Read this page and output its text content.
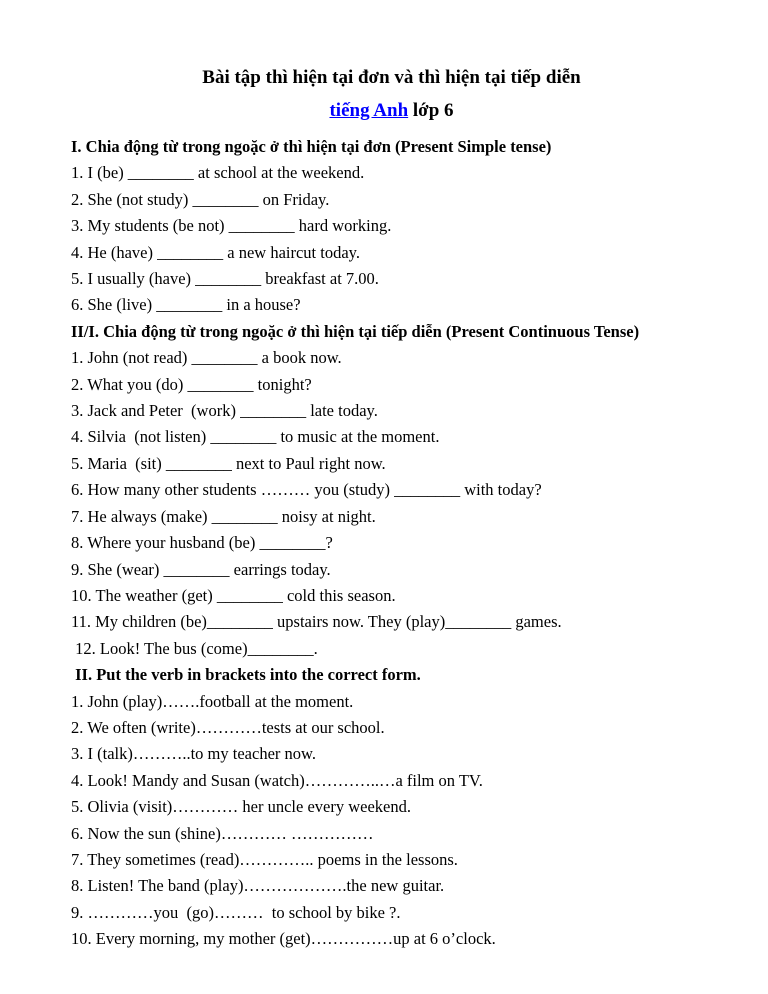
Bài tập thì hiện tại đơn và thì hiện tại tiếp diễn
tiếng Anh lớp 6
I. Chia động từ trong ngoặc ở thì hiện tại đơn (Present Simple tense)
1. I (be) ________ at school at the weekend.
2. She (not study) ________ on Friday.
3. My students (be not) ________ hard working.
4. He (have) ________ a new haircut today.
5. I usually (have) ________ breakfast at 7.00.
6. She (live) ________ in a house?
II/I. Chia động từ trong ngoặc ở thì hiện tại tiếp diễn (Present Continuous Tense)
1. John (not read) ________ a book now.
2. What you (do) ________ tonight?
3. Jack and Peter  (work) ________ late today.
4. Silvia  (not listen) ________ to music at the moment.
5. Maria  (sit) ________ next to Paul right now.
6. How many other students ……… you (study) ________ with today?
7. He always (make) ________ noisy at night.
8. Where your husband (be) ________?
9. She (wear) ________ earrings today.
10. The weather (get) ________ cold this season.
11. My children (be)________ upstairs now. They (play)________ games.
12. Look! The bus (come)________.
II. Put the verb in brackets into the correct form.
1. John (play)…….football at the moment.
2. We often (write)…………tests at our school.
3. I (talk)………..to my teacher now.
4. Look! Mandy and Susan (watch)…………..…a film on TV.
5. Olivia (visit)………… her uncle every weekend.
6. Now the sun (shine)………… ……………
7. They sometimes (read)………….. poems in the lessons.
8. Listen! The band (play)……………….the new guitar.
9. …………you  (go)………  to school by bike ?.
10. Every morning, my mother (get)……………up at 6 o’clock.
